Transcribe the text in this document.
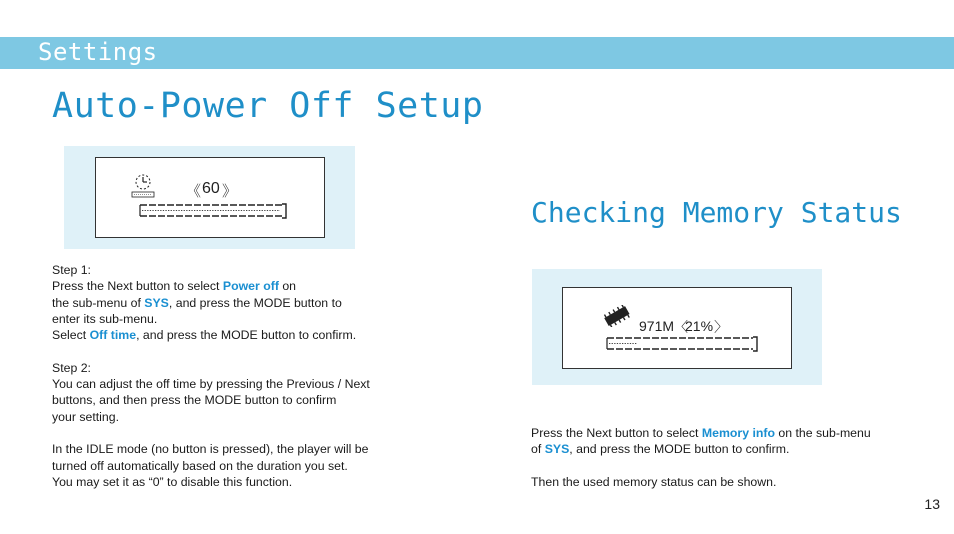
Settings
Auto-Power Off Setup
Checking Memory Status
《 60 》
971M 〈
21% 〉

Step 1:

Press the Next button to select Power off on

the sub-menu of SYS, and press the MODE button to

enter its sub-menu.

Select Off time, and press the MODE button to confirm.

Step 2:

You can adjust the off time by pressing the Previous / Next

buttons, and then press the MODE button to confirm

your setting.

In the IDLE mode (no button is pressed), the player will be

turned off automatically based on the duration you set.

You may set it as “0” to disable this function.

Press the Next button to select Memory info on the sub-menu

of SYS, and press the MODE button to confirm.

Then the used memory status can be shown.

13
